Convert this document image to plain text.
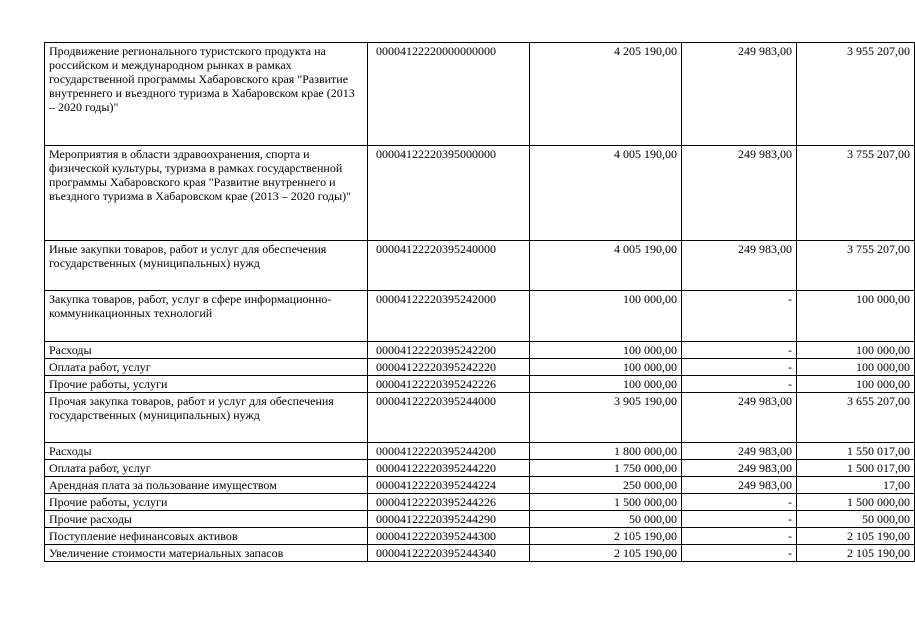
Продвижение регионального туристского продукта на российском и международном рынках в рамках государственной программы Хабаровского края "Развитие внутреннего и въездного туризма в Хабаровском крае (2013 – 2020 годы)"	00004122220000000000	4 205 190,00	249 983,00	3 955 207,00
Мероприятия в области здравоохранения, спорта и физической культуры, туризма в рамках государственной программы Хабаровского края "Развитие внутреннего и въездного туризма в Хабаровском крае (2013 – 2020 годы)"	00004122220395000000	4 005 190,00	249 983,00	3 755 207,00
Иные закупки товаров, работ и услуг для обеспечения государственных (муниципальных) нужд	00004122220395240000	4 005 190,00	249 983,00	3 755 207,00
Закупка товаров, работ, услуг в сфере информационно-коммуникационных технологий	00004122220395242000	100 000,00	-	100 000,00
Расходы	00004122220395242200	100 000,00	-	100 000,00
Оплата работ, услуг	00004122220395242220	100 000,00	-	100 000,00
Прочие работы, услуги	00004122220395242226	100 000,00	-	100 000,00
Прочая закупка товаров, работ и услуг для обеспечения государственных (муниципальных) нужд	00004122220395244000	3 905 190,00	249 983,00	3 655 207,00
Расходы	00004122220395244200	1 800 000,00	249 983,00	1 550 017,00
Оплата работ, услуг	00004122220395244220	1 750 000,00	249 983,00	1 500 017,00
Арендная плата за пользование имуществом	00004122220395244224	250 000,00	249 983,00	17,00
Прочие работы, услуги	00004122220395244226	1 500 000,00	-	1 500 000,00
Прочие расходы	00004122220395244290	50 000,00	-	50 000,00
Поступление нефинансовых активов	00004122220395244300	2 105 190,00	-	2 105 190,00
Увеличение стоимости материальных запасов	00004122220395244340	2 105 190,00	-	2 105 190,00
